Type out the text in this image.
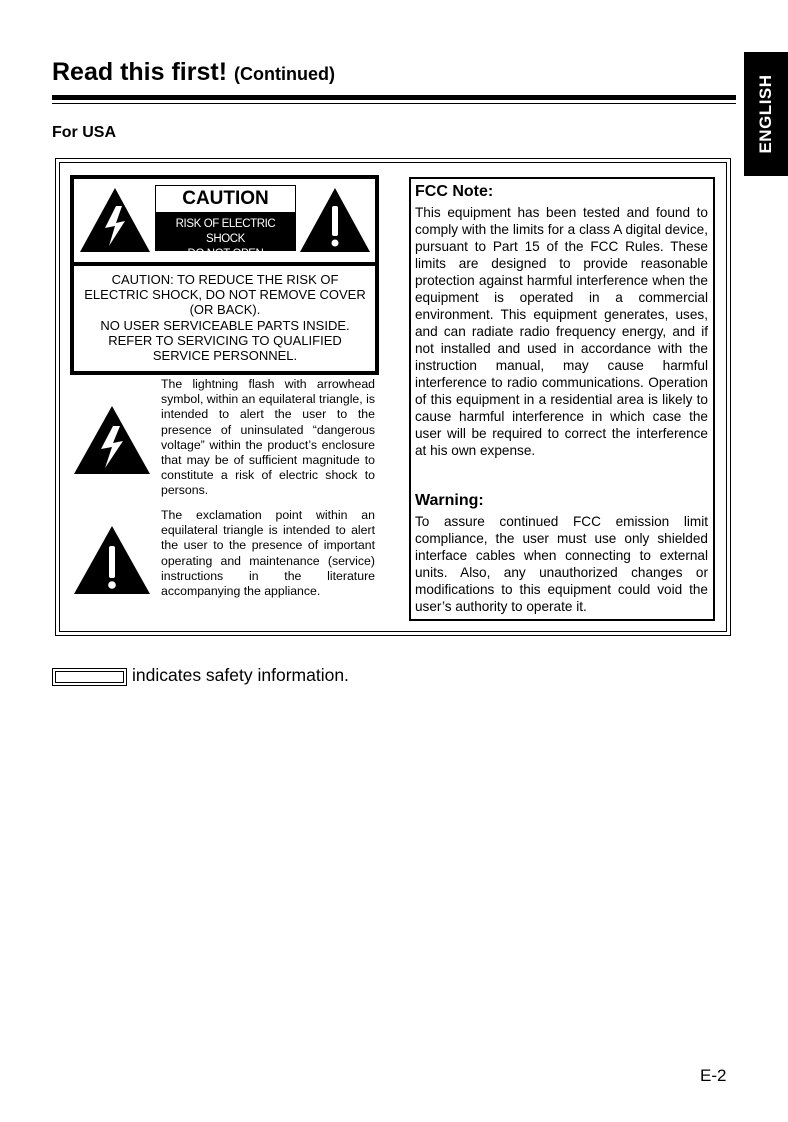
Read this first! (Continued)
ENGLISH
For USA
CAUTION
RISK OF ELECTRIC SHOCK
DO NOT OPEN
CAUTION: TO REDUCE THE RISK OF
ELECTRIC SHOCK, DO NOT REMOVE COVER
(OR BACK).
NO USER SERVICEABLE PARTS INSIDE.
REFER TO SERVICING TO QUALIFIED
SERVICE PERSONNEL.
The lightning flash with arrowhead symbol, within an equilateral triangle, is intended to alert the user to the presence of uninsulated “dangerous voltage” within the product’s enclosure that may be of sufficient magnitude to constitute a risk of electric shock to persons.
The exclamation point within an equilateral triangle is intended to alert the user to the presence of important operating and maintenance (service) instructions in the literature accompanying the appliance.
FCC Note:
This equipment has been tested and found to comply with the limits for a class A digital device, pursuant to Part 15 of the FCC Rules. These limits are designed to provide reasonable protection against harmful interference when the equipment is operated in a commercial environment. This equipment generates, uses, and can radiate radio frequency energy, and if not installed and used in accordance with the instruction manual, may cause harmful interference to radio communications. Operation of this equipment in a residential area is likely to cause harmful interference in which case the user will be required to correct the interference at his own expense.
Warning:
To assure continued FCC emission limit compliance, the user must use only shielded interface cables when connecting to external units. Also, any unauthorized changes or modifications to this equipment could void the user’s authority to operate it.
indicates safety information.
E-2
